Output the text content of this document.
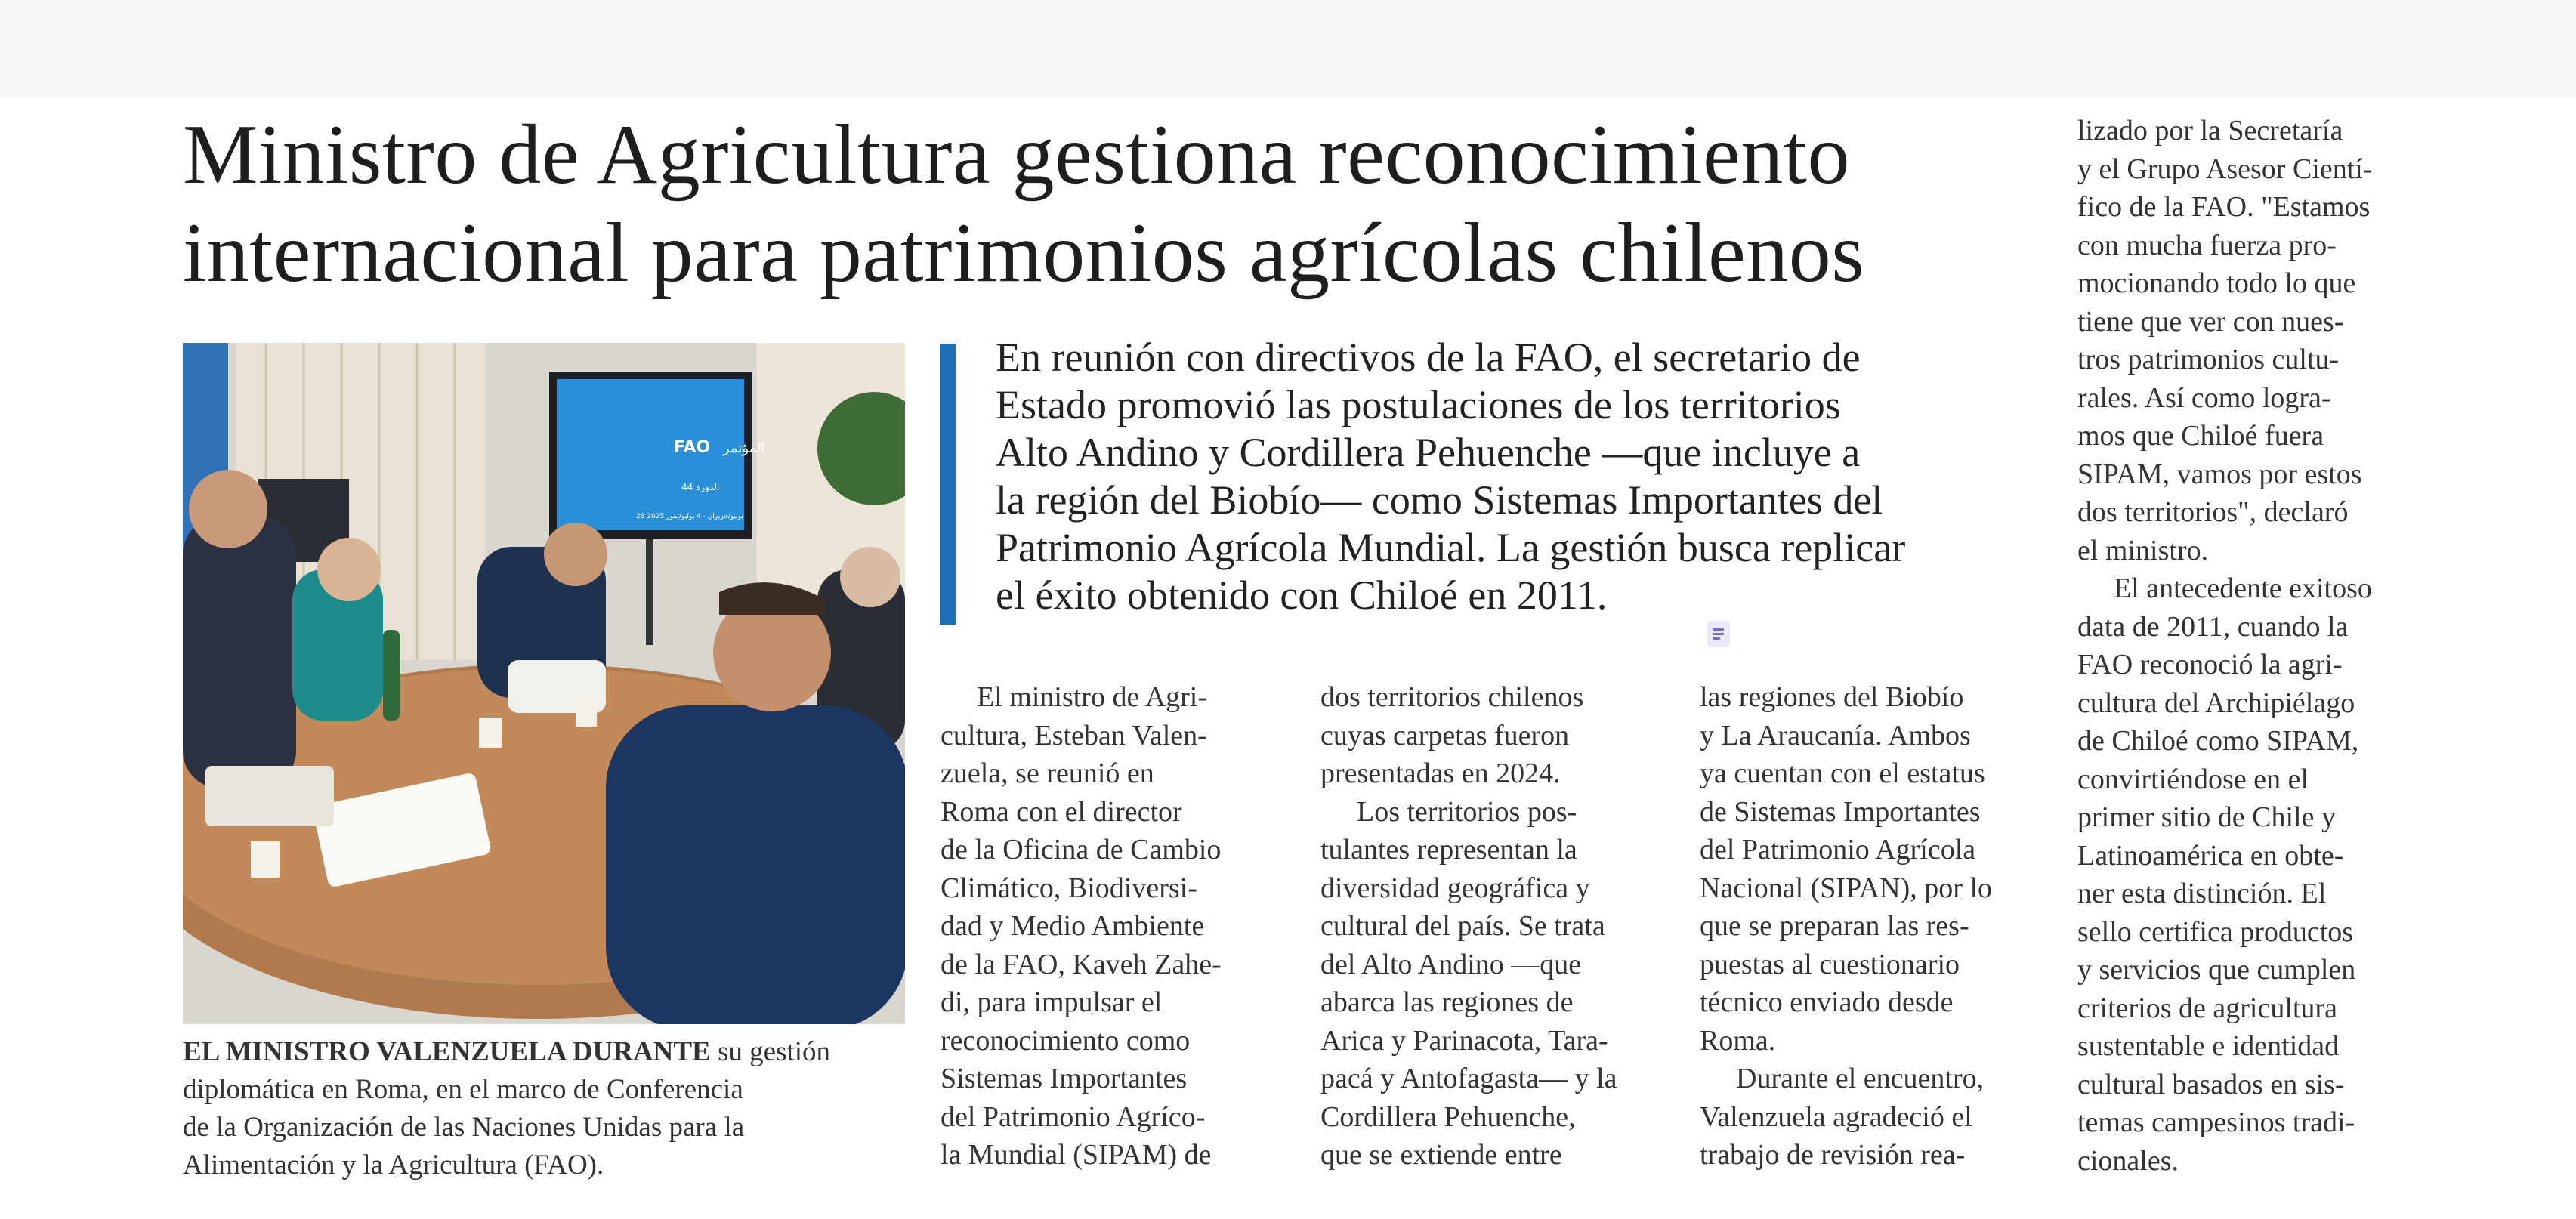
Ministro de Agricultura gestiona reconocimiento
internacional para patrimonios agrícolas chilenos
FAO المؤتمر
الدورة 44
28 يونيو/حزيران - 4 يوليو/تموز 2025
EL MINISTRO VALENZUELA DURANTE su gestión
diplomática en Roma, en el marco de Conferencia
de la Organización de las Naciones Unidas para la
Alimentación y la Agricultura (FAO).
En reunión con directivos de la FAO, el secretario de
Estado promovió las postulaciones de los territorios
Alto Andino y Cordillera Pehuenche —que incluye a
la región del Biobío— como Sistemas Importantes del
Patrimonio Agrícola Mundial. La gestión busca replicar
el éxito obtenido con Chiloé en 2011.
El ministro de Agri-
cultura, Esteban Valen-
zuela, se reunió en
Roma con el director
de la Oficina de Cambio
Climático, Biodiversi-
dad y Medio Ambiente
de la FAO, Kaveh Zahe-
di, para impulsar el
reconocimiento como
Sistemas Importantes
del Patrimonio Agríco-
la Mundial (SIPAM) de
dos territorios chilenos
cuyas carpetas fueron
presentadas en 2024.
Los territorios pos-
tulantes representan la
diversidad geográfica y
cultural del país. Se trata
del Alto Andino —que
abarca las regiones de
Arica y Parinacota, Tara-
pacá y Antofagasta— y la
Cordillera Pehuenche,
que se extiende entre
las regiones del Biobío
y La Araucanía. Ambos
ya cuentan con el estatus
de Sistemas Importantes
del Patrimonio Agrícola
Nacional (SIPAN), por lo
que se preparan las res-
puestas al cuestionario
técnico enviado desde
Roma.
Durante el encuentro,
Valenzuela agradeció el
trabajo de revisión rea-
lizado por la Secretaría
y el Grupo Asesor Cientí-
fico de la FAO. "Estamos
con mucha fuerza pro-
mocionando todo lo que
tiene que ver con nues-
tros patrimonios cultu-
rales. Así como logra-
mos que Chiloé fuera
SIPAM, vamos por estos
dos territorios", declaró
el ministro.
El antecedente exitoso
data de 2011, cuando la
FAO reconoció la agri-
cultura del Archipiélago
de Chiloé como SIPAM,
convirtiéndose en el
primer sitio de Chile y
Latinoamérica en obte-
ner esta distinción. El
sello certifica productos
y servicios que cumplen
criterios de agricultura
sustentable e identidad
cultural basados en sis-
temas campesinos tradi-
cionales.
